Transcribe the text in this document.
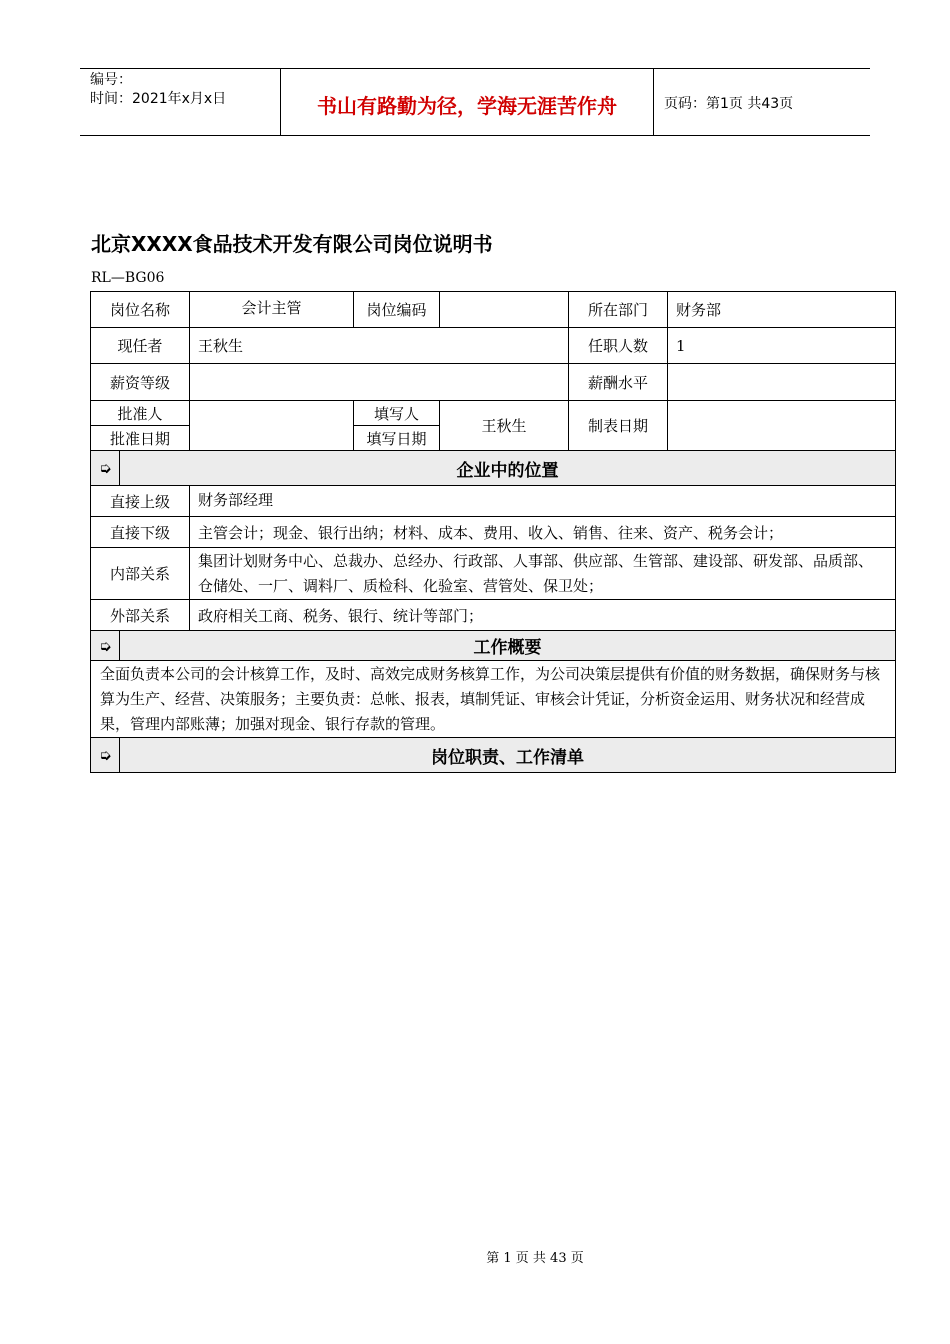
编号：
时间：2021年x月x日	书山有路勤为径，学海无涯苦作舟	页码：第1页 共43页
北京XXXX食品技术开发有限公司岗位说明书
RL—BG06
岗位名称		会计主管	岗位编码		所在部门	财务部
现任者		王秋生			任职人数	1
薪资等级					薪酬水平	
批准人			填写人	王秋生	制表日期	
批准日期			填写日期			
➭	企业中的位置					
直接上级		财务部经理				
直接下级		主管会计；现金、银行出纳；材料、成本、费用、收入、销售、往来、资产、税务会计；				
内部关系		集团计划财务中心、总裁办、总经办、行政部、人事部、供应部、生管部、建设部、研发部、品质部、仓储处、一厂、调料厂、质检科、化验室、营管处、保卫处；				
外部关系		政府相关工商、税务、银行、统计等部门；				
➭	工作概要					
全面负责本公司的会计核算工作，及时、高效完成财务核算工作，为公司决策层提供有价值的财务数据，确保财务与核算为生产、经营、决策服务；主要负责：总帐、报表，填制凭证、审核会计凭证，分析资金运用、财务状况和经营成果，管理内部账薄；加强对现金、银行存款的管理。						
➭	岗位职责、工作清单					
第 1 页 共 43 页
